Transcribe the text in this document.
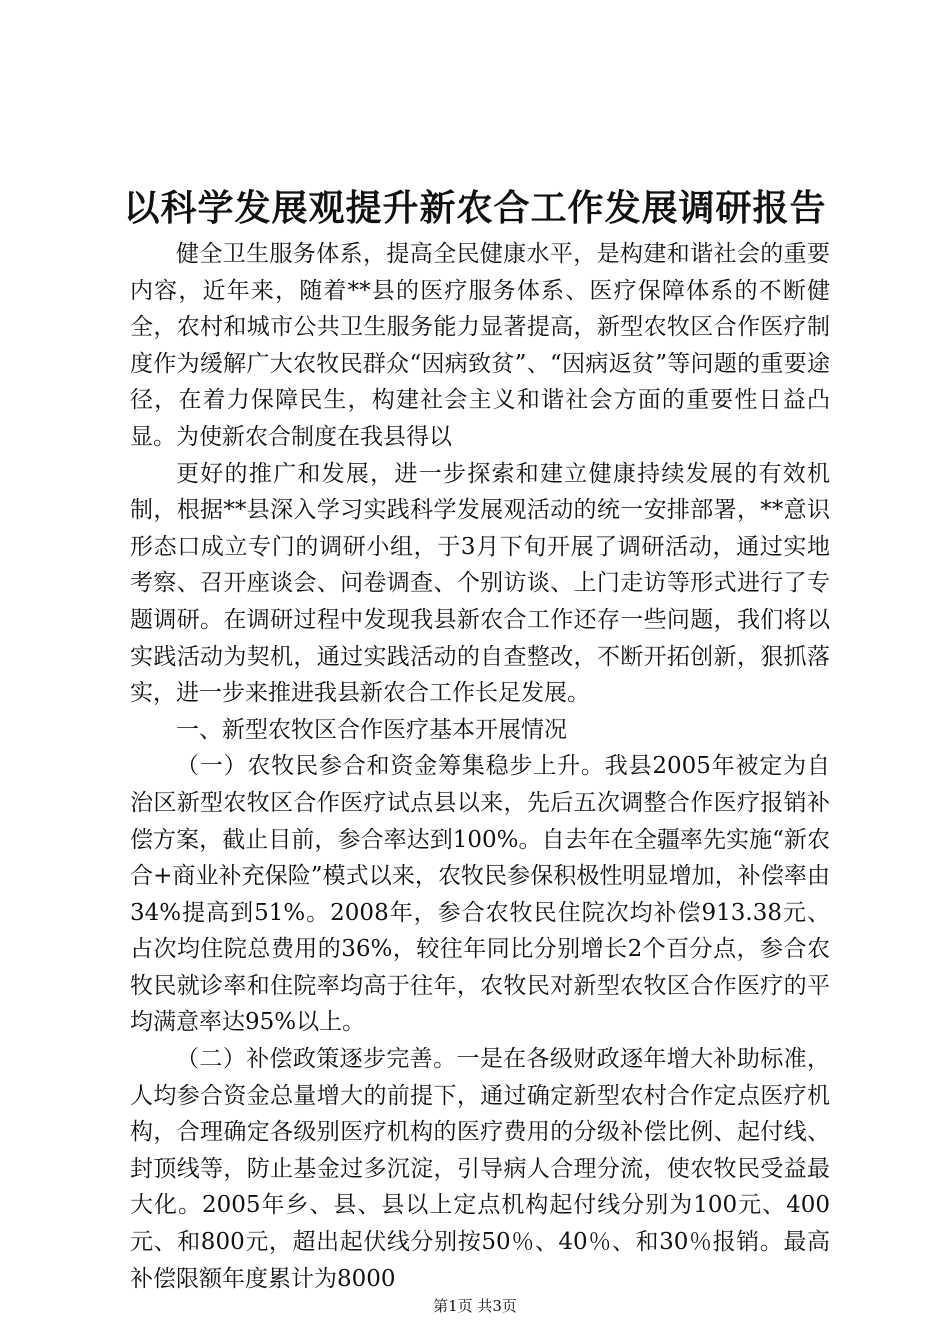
以科学发展观提升新农合工作发展调研报告

健全卫生服务体系，提高全民健康水平，是构建和谐社会的重要内容，近年来，随着**县的医疗服务体系、医疗保障体系的不断健全，农村和城市公共卫生服务能力显著提高，新型农牧区合作医疗制度作为缓解广大农牧民群众“因病致贫”、“因病返贫”等问题的重要途径，在着力保障民生，构建社会主义和谐社会方面的重要性日益凸显。为使新农合制度在我县得以

更好的推广和发展，进一步探索和建立健康持续发展的有效机制，根据**县深入学习实践科学发展观活动的统一安排部署，**意识形态口成立专门的调研小组，于3月下旬开展了调研活动，通过实地考察、召开座谈会、问卷调查、个别访谈、上门走访等形式进行了专题调研。在调研过程中发现我县新农合工作还存一些问题，我们将以实践活动为契机，通过实践活动的自查整改，不断开拓创新，狠抓落实，进一步来推进我县新农合工作长足发展。

一、新型农牧区合作医疗基本开展情况

（一）农牧民参合和资金筹集稳步上升。我县2005年被定为自治区新型农牧区合作医疗试点县以来，先后五次调整合作医疗报销补偿方案，截止目前，参合率达到100%。自去年在全疆率先实施“新农合+商业补充保险”模式以来，农牧民参保积极性明显增加，补偿率由34%提高到51%。2008年，参合农牧民住院次均补偿913.38元、占次均住院总费用的36%，较往年同比分别增长2个百分点，参合农牧民就诊率和住院率均高于往年，农牧民对新型农牧区合作医疗的平均满意率达95%以上。

（二）补偿政策逐步完善。一是在各级财政逐年增大补助标准，人均参合资金总量增大的前提下，通过确定新型农村合作定点医疗机构，合理确定各级别医疗机构的医疗费用的分级补偿比例、起付线、封顶线等，防止基金过多沉淀，引导病人合理分流，使农牧民受益最大化。2005年乡、县、县以上定点机构起付线分别为100元、400元、和800元，超出起伏线分别按50％、40％、和30％报销。最高补偿限额年度累计为8000

第1页 共3页
